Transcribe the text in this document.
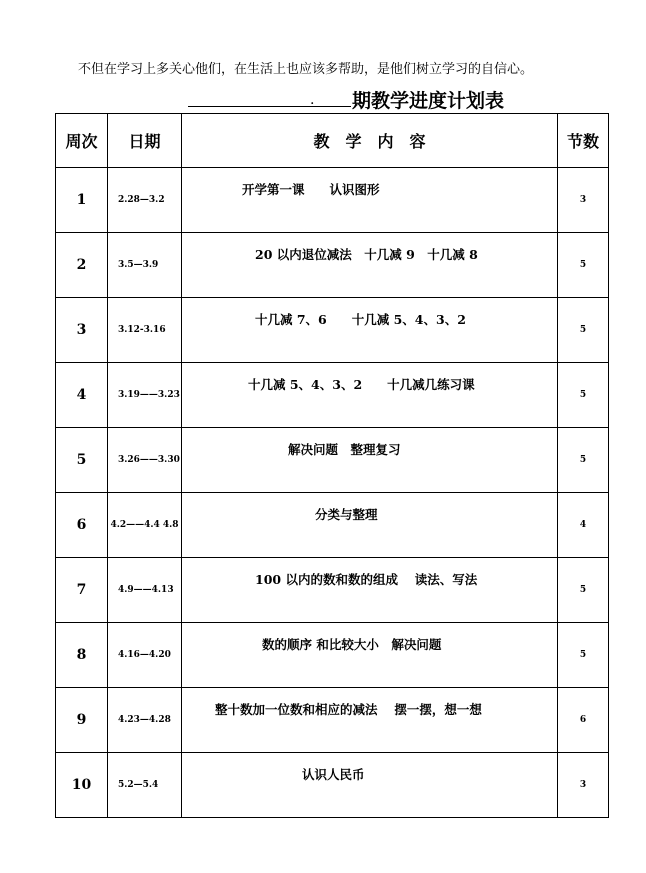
不但在学习上多关心他们，在生活上也应该多帮助，是他们树立学习的自信心。
. 期教学进度计划表
周次	日期	教　学　内　容	节数
1	2.28—3.2	开学第一课　　认识图形	3
2	3.5—3.9	20 以内退位减法　十几减 9　十几减 8	5
3	3.12-3.16	十几减 7、6　　十几减 5、4、3、2	5
4	3.19——3.23	十几减 5、4、3、2　　十几减几练习课	5
5	3.26——3.30	解决问题　整理复习	5
6	4.2——4.4 4.8	分类与整理	4
7	4.9——4.13	100 以内的数和数的组成　 读法、写法	5
8	4.16—4.20	数的顺序 和比较大小　解决问题	5
9	4.23—4.28	整十数加一位数和相应的减法　 摆一摆，想一想	6
10	5.2—5.4	认识人民币	3
